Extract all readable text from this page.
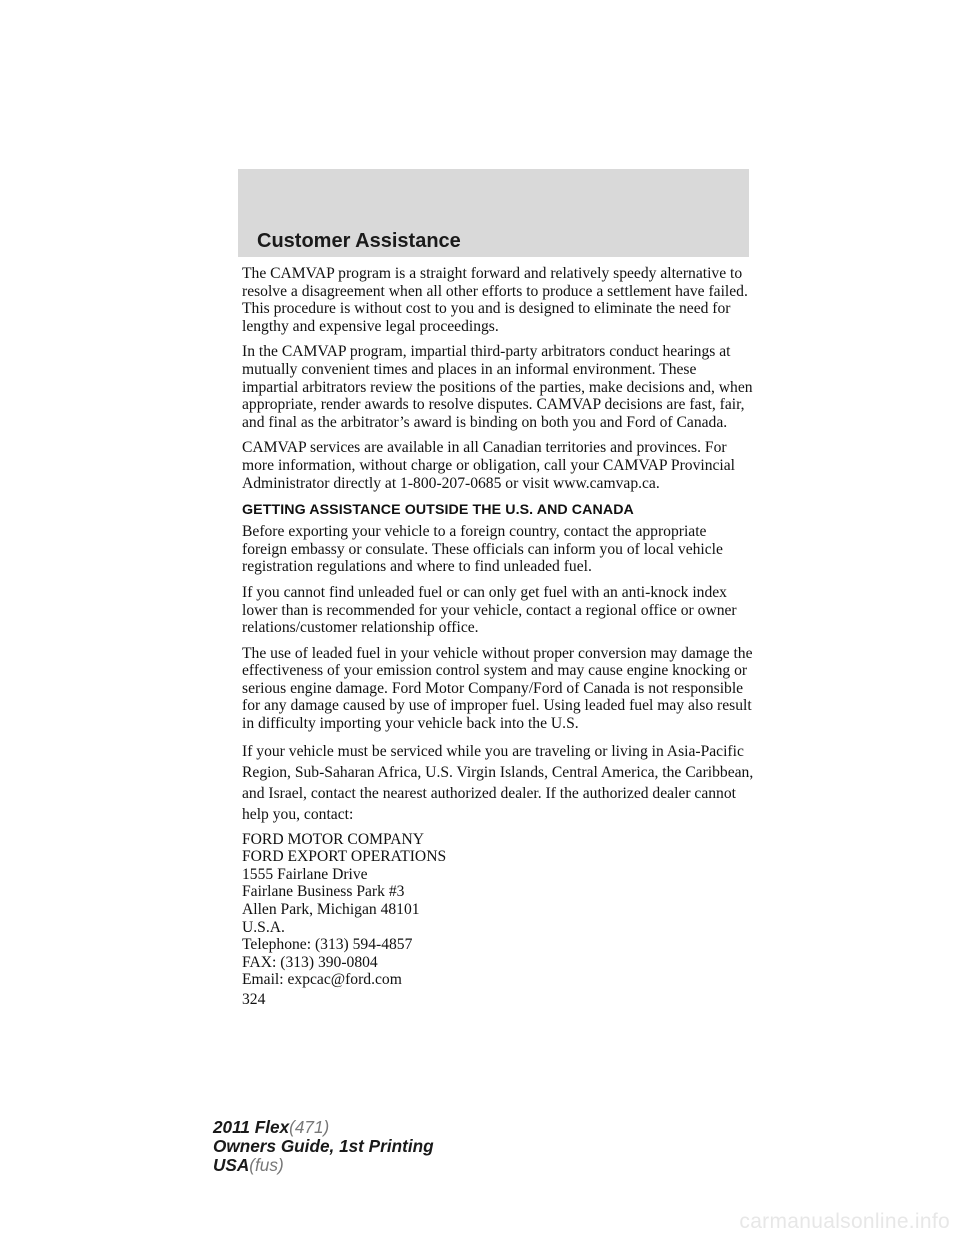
Customer Assistance

The CAMVAP program is a straight forward and relatively speedy alternative to resolve a disagreement when all other efforts to produce a settlement have failed. This procedure is without cost to you and is designed to eliminate the need for lengthy and expensive legal proceedings.

In the CAMVAP program, impartial third-party arbitrators conduct hearings at mutually convenient times and places in an informal environment. These impartial arbitrators review the positions of the parties, make decisions and, when appropriate, render awards to resolve disputes. CAMVAP decisions are fast, fair, and final as the arbitrator’s award is binding on both you and Ford of Canada.

CAMVAP services are available in all Canadian territories and provinces. For more information, without charge or obligation, call your CAMVAP Provincial Administrator directly at 1-800-207-0685 or visit www.camvap.ca.

GETTING ASSISTANCE OUTSIDE THE U.S. AND CANADA

Before exporting your vehicle to a foreign country, contact the appropriate foreign embassy or consulate. These officials can inform you of local vehicle registration regulations and where to find unleaded fuel.

If you cannot find unleaded fuel or can only get fuel with an anti-knock index lower than is recommended for your vehicle, contact a regional office or owner relations/customer relationship office.

The use of leaded fuel in your vehicle without proper conversion may damage the effectiveness of your emission control system and may cause engine knocking or serious engine damage. Ford Motor Company/Ford of Canada is not responsible for any damage caused by use of improper fuel. Using leaded fuel may also result in difficulty importing your vehicle back into the U.S.

If your vehicle must be serviced while you are traveling or living in Asia-Pacific Region, Sub-Saharan Africa, U.S. Virgin Islands, Central America, the Caribbean, and Israel, contact the nearest authorized dealer. If the authorized dealer cannot help you, contact:

FORD MOTOR COMPANY
FORD EXPORT OPERATIONS
1555 Fairlane Drive
Fairlane Business Park #3
Allen Park, Michigan 48101
U.S.A.
Telephone: (313) 594-4857
FAX: (313) 390-0804
Email: expcac@ford.com
324
2011 Flex(471)
Owners Guide, 1st Printing
USA(fus)
carmanualsonline.info
